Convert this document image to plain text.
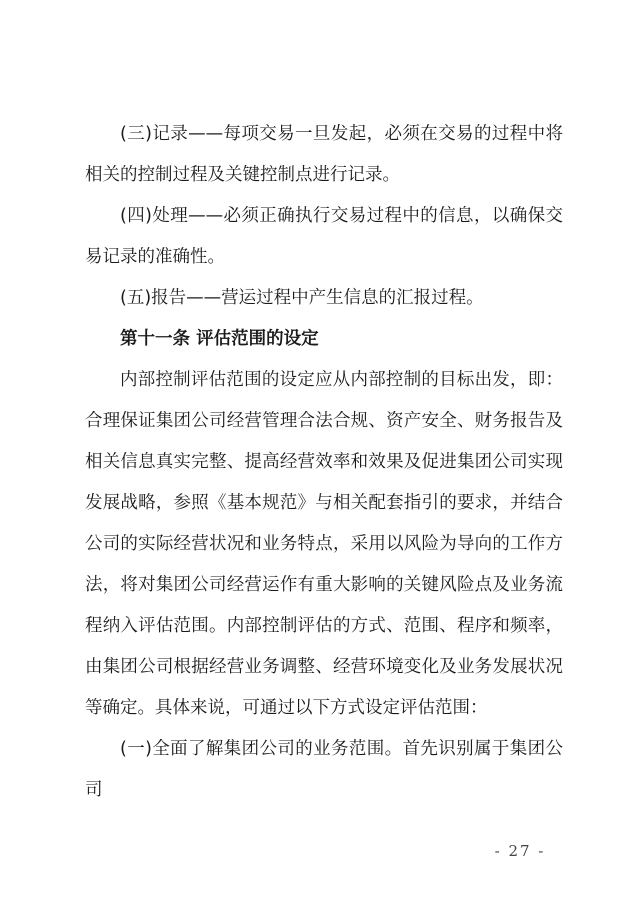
(三)记录——每项交易一旦发起，必须在交易的过程中将相关的控制过程及关键控制点进行记录。

(四)处理——必须正确执行交易过程中的信息，以确保交易记录的准确性。

(五)报告——营运过程中产生信息的汇报过程。

第十一条 评估范围的设定

内部控制评估范围的设定应从内部控制的目标出发，即：合理保证集团公司经营管理合法合规、资产安全、财务报告及相关信息真实完整、提高经营效率和效果及促进集团公司实现发展战略，参照《基本规范》与相关配套指引的要求，并结合公司的实际经营状况和业务特点，采用以风险为导向的工作方法，将对集团公司经营运作有重大影响的关键风险点及业务流程纳入评估范围。内部控制评估的方式、范围、程序和频率，由集团公司根据经营业务调整、经营环境变化及业务发展状况等确定。具体来说，可通过以下方式设定评估范围：

(一)全面了解集团公司的业务范围。首先识别属于集团公司

- 27 -
